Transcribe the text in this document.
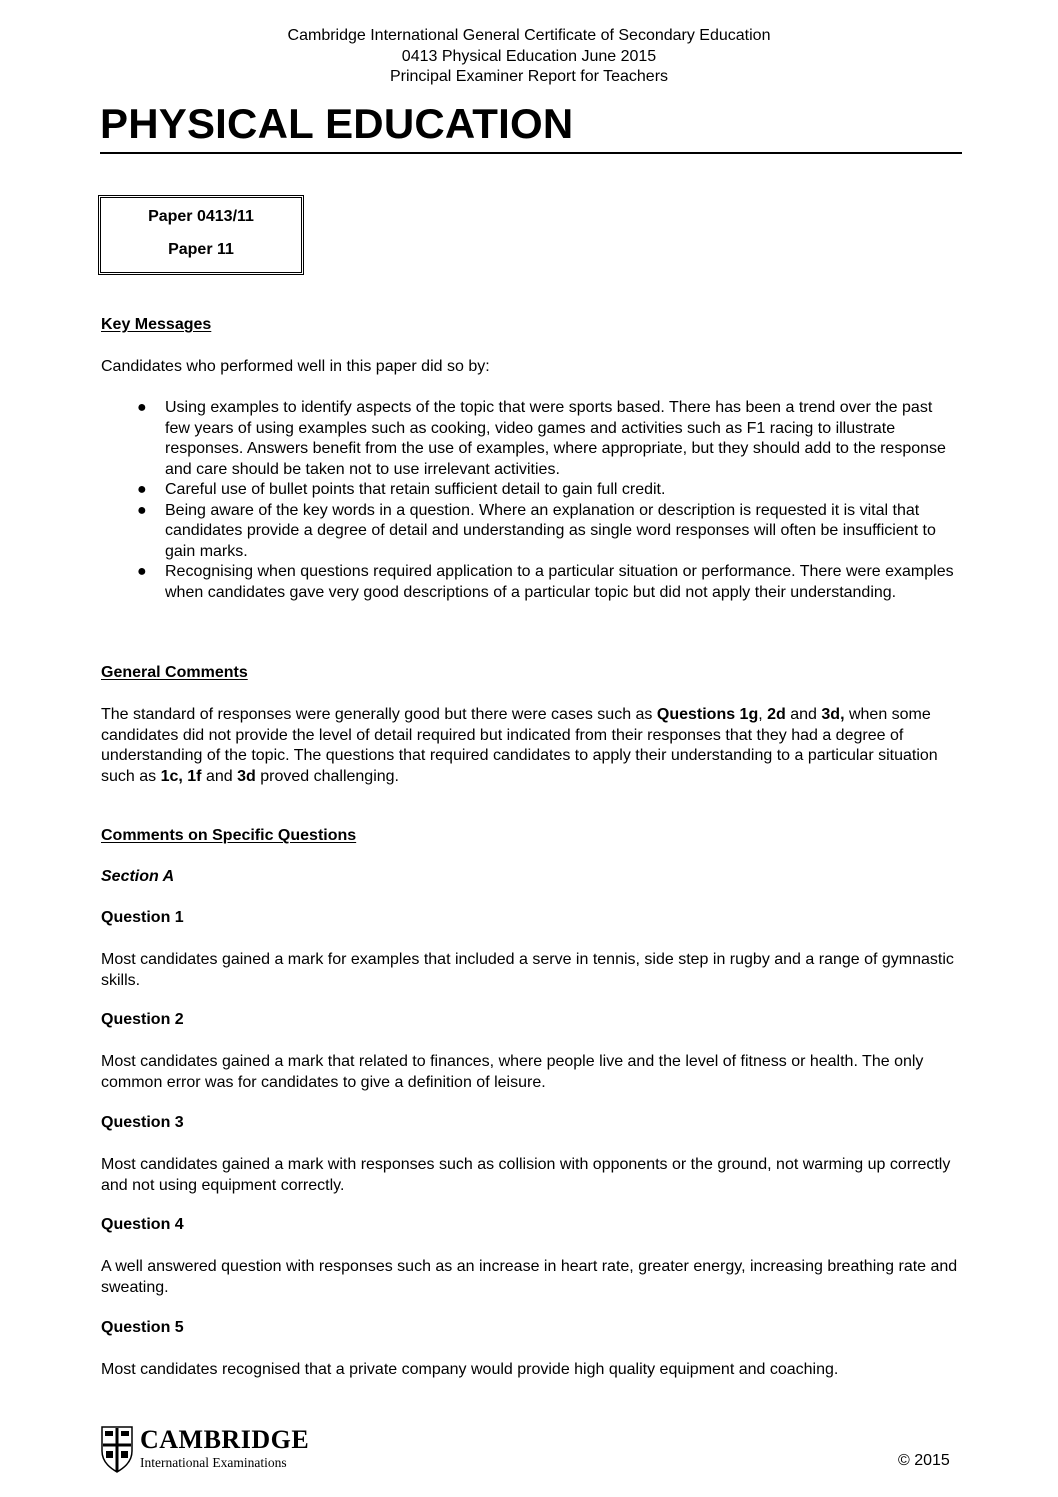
Cambridge International General Certificate of Secondary Education
0413 Physical Education June 2015
Principal Examiner Report for Teachers
PHYSICAL EDUCATION
Paper 0413/11
Paper 11
Key Messages
Candidates who performed well in this paper did so by:
● Using examples to identify aspects of the topic that were sports based. There has been a trend over the past few years of using examples such as cooking, video games and activities such as F1 racing to illustrate responses. Answers benefit from the use of examples, where appropriate, but they should add to the response and care should be taken not to use irrelevant activities.
● Careful use of bullet points that retain sufficient detail to gain full credit.
● Being aware of the key words in a question. Where an explanation or description is requested it is vital that candidates provide a degree of detail and understanding as single word responses will often be insufficient to gain marks.
● Recognising when questions required application to a particular situation or performance. There were examples when candidates gave very good descriptions of a particular topic but did not apply their understanding.
General Comments
The standard of responses were generally good but there were cases such as Questions 1g, 2d and 3d, when some candidates did not provide the level of detail required but indicated from their responses that they had a degree of understanding of the topic. The questions that required candidates to apply their understanding to a particular situation such as 1c, 1f and 3d proved challenging.
Comments on Specific Questions
Section A
Question 1
Most candidates gained a mark for examples that included a serve in tennis, side step in rugby and a range of gymnastic skills.
Question 2
Most candidates gained a mark that related to finances, where people live and the level of fitness or health. The only common error was for candidates to give a definition of leisure.
Question 3
Most candidates gained a mark with responses such as collision with opponents or the ground, not warming up correctly and not using equipment correctly.
Question 4
A well answered question with responses such as an increase in heart rate, greater energy, increasing breathing rate and sweating.
Question 5
Most candidates recognised that a private company would provide high quality equipment and coaching.
CAMBRIDGE
International Examinations	© 2015
